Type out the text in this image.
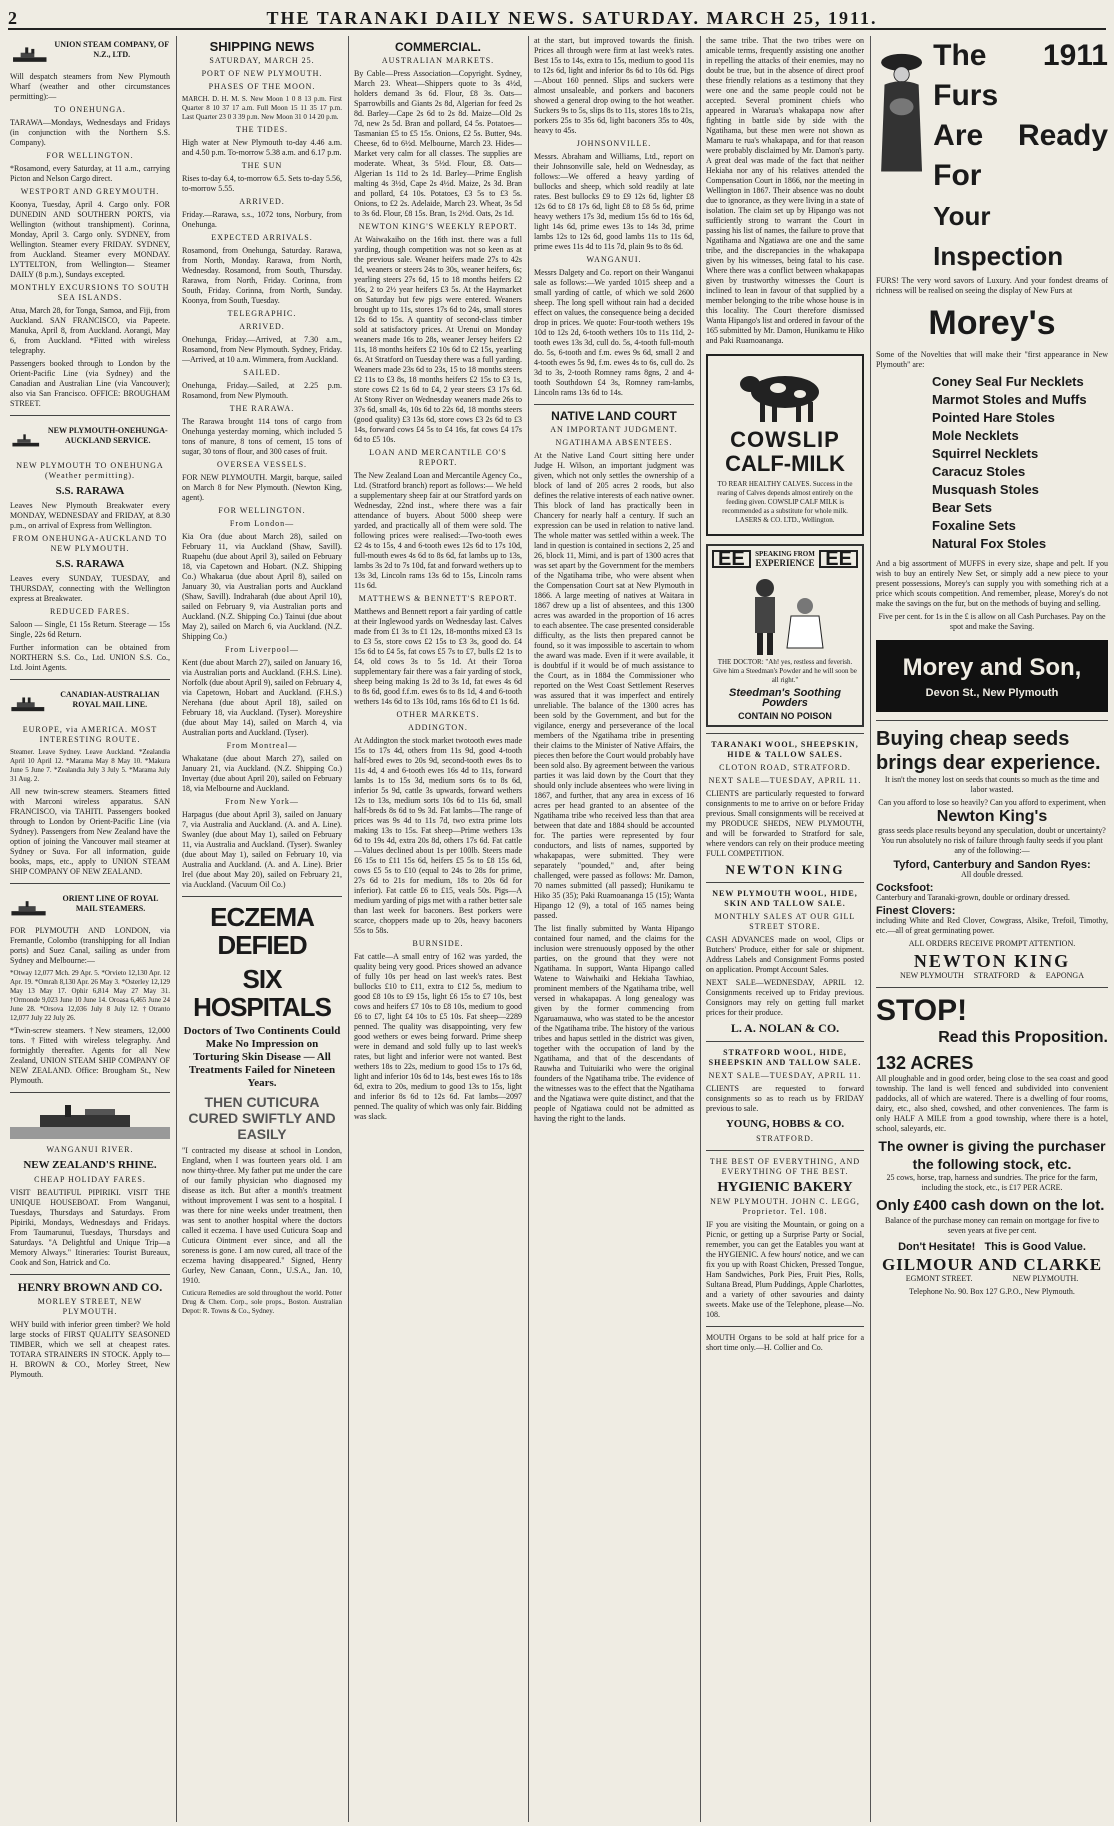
2	THE TARANAKI DAILY NEWS. SATURDAY. MARCH 25, 1911.
UNION STEAM COMPANY, OF N.Z., LTD.

Will despatch steamers from New Plymouth Wharf (weather and other circumstances permitting):—

TO ONEHUNGA.

TARAWA—Mondays, Wednesdays and Fridays (in conjunction with the Northern S.S. Company).

FOR WELLINGTON.

*Rosamond, every Saturday, at 11 a.m., carrying Picton and Nelson Cargo direct.

WESTPORT AND GREYMOUTH.

Koonya, Tuesday, April 4. Cargo only. FOR DUNEDIN AND SOUTHERN PORTS, via Wellington (without transhipment). Corinna, Monday, April 3. Cargo only. SYDNEY, from Wellington. Steamer every FRIDAY. SYDNEY, from Auckland. Steamer every MONDAY. LYTTELTON, from Wellington— Steamer DAILY (8 p.m.), Sundays excepted.

MONTHLY EXCURSIONS TO SOUTH SEA ISLANDS.

Atua, March 28, for Tonga, Samoa, and Fiji, from Auckland. SAN FRANCISCO, via Papeete. Manuka, April 8, from Auckland. Aorangi, May 6, from Auckland. *Fitted with wireless telegraphy.

Passengers booked through to London by the Orient-Pacific Line (via Sydney) and the Canadian and Australian Line (via Vancouver); also via San Francisco. OFFICE: BROUGHAM STREET.

NEW PLYMOUTH-ONEHUNGA-AUCKLAND SERVICE.
NEW PLYMOUTH TO ONEHUNGA (Weather permitting).
S.S. RARAWA

Leaves New Plymouth Breakwater every MONDAY, WEDNESDAY and FRIDAY, at 8.30 p.m., on arrival of Express from Wellington.

FROM ONEHUNGA-AUCKLAND TO NEW PLYMOUTH.
S.S. RARAWA

Leaves every SUNDAY, TUESDAY, and THURSDAY, connecting with the Wellington express at Breakwater.

REDUCED FARES.

Saloon — Single, £1 15s Return. Steerage — 15s Single, 22s 6d Return.

Further information can be obtained from NORTHERN S.S. Co., Ltd. UNION S.S. Co., Ltd. Joint Agents.

CANADIAN-AUSTRALIAN ROYAL MAIL LINE.
EUROPE, via AMERICA. MOST INTERESTING ROUTE.

Steamer. Leave Sydney. Leave Auckland. *Zealandia April 10 April 12. *Marama May 8 May 10. *Makura June 5 June 7. *Zealandia July 3 July 5. *Marama July 31 Aug. 2.

All new twin-screw steamers. Steamers fitted with Marconi wireless apparatus. SAN FRANCISCO, via TAHITI. Passengers booked through to London by Orient-Pacific Line (via Sydney). Passengers from New Zealand have the option of joining the Vancouver mail steamer at Sydney or Suva. For all information, guide books, maps, etc., apply to UNION STEAM SHIP COMPANY OF NEW ZEALAND.

ORIENT LINE OF ROYAL MAIL STEAMERS.

FOR PLYMOUTH AND LONDON, via Fremantle, Colombo (transhipping for all Indian ports) and Suez Canal, sailing as under from Sydney and Melbourne:—

*Otway 12,077 Mch. 29 Apr. 5. *Orvieto 12,130 Apr. 12 Apr. 19. *Omrah 8,130 Apr. 26 May 3. *Osterley 12,129 May 13 May 17. Ophir 6,814 May 27 May 31. †Ormonde 9,023 June 10 June 14. Oroasa 6,465 June 24 June 28. *Orsova 12,036 July 8 July 12. †Otranto 12,077 July 22 July 26.

*Twin-screw steamers. †New steamers, 12,000 tons. †Fitted with wireless telegraphy. And fortnightly thereafter. Agents for all New Zealand, UNION STEAM SHIP COMPANY OF NEW ZEALAND. Office: Brougham St., New Plymouth.

WANGANUI RIVER.
NEW ZEALAND'S RHINE.
CHEAP HOLIDAY FARES.

VISIT BEAUTIFUL PIPIRIKI. VISIT THE UNIQUE HOUSEBOAT. From Wanganui, Tuesdays, Thursdays and Saturdays. From Pipiriki, Mondays, Wednesdays and Fridays. From Taumarunui, Tuesdays, Thursdays and Saturdays. "A Delightful and Unique Trip—a Memory Always." Itineraries: Tourist Bureaux, Cook and Son, Hatrick and Co.

HENRY BROWN AND CO.
MORLEY STREET, NEW PLYMOUTH.

WHY build with inferior green timber? We hold large stocks of FIRST QUALITY SEASONED TIMBER, which we sell at cheapest rates. TOTARA STRAINERS IN STOCK. Apply to— H. BROWN & CO., Morley Street, New Plymouth.

SHIPPING NEWS
SATURDAY, MARCH 25.
PORT OF NEW PLYMOUTH.
PHASES OF THE MOON.

MARCH. D. H. M. S. New Moon 1 0 8 13 p.m. First Quarter 8 10 37 17 a.m. Full Moon 15 11 35 17 p.m. Last Quarter 23 0 3 39 p.m. New Moon 31 0 14 20 p.m.

THE TIDES.

High water at New Plymouth to-day 4.46 a.m. and 4.50 p.m. To-morrow 5.38 a.m. and 6.17 p.m.

THE SUN

Rises to-day 6.4, to-morrow 6.5. Sets to-day 5.56, to-morrow 5.55.

ARRIVED.

Friday.—Rarawa, s.s., 1072 tons, Norbury, from Onehunga.

EXPECTED ARRIVALS.

Rosamond, from Onehunga, Saturday. Rarawa, from North, Monday. Rarawa, from North, Wednesday. Rosamond, from South, Thursday. Rarawa, from North, Friday. Corinna, from South, Friday. Corinna, from North, Sunday. Koonya, from South, Tuesday.

TELEGRAPHIC.
ARRIVED.

Onehunga, Friday.—Arrived, at 7.30 a.m., Rosamond, from New Plymouth. Sydney, Friday.—Arrived, at 10 a.m. Wimmera, from Auckland.

SAILED.

Onehunga, Friday.—Sailed, at 2.25 p.m. Rosamond, from New Plymouth.

THE RARAWA.

The Rarawa brought 114 tons of cargo from Onehunga yesterday morning, which included 5 tons of manure, 8 tons of cement, 15 tons of sugar, 30 tons of flour, and 300 cases of fruit.

OVERSEA VESSELS.

FOR NEW PLYMOUTH. Margit, barque, sailed on March 8 for New Plymouth. (Newton King, agent).

FOR WELLINGTON.
From London—

Kia Ora (due about March 28), sailed on February 11, via Auckland (Shaw, Savill). Ruapehu (due about April 3), sailed on February 18, via Capetown and Hobart. (N.Z. Shipping Co.) Whakarua (due about April 8), sailed on January 30, via Australian ports and Auckland (Shaw, Savill). Indraharah (due about April 10), sailed on February 9, via Australian ports and Auckland. (N.Z. Shipping Co.) Tainui (due about May 2), sailed on March 6, via Auckland. (N.Z. Shipping Co.)

From Liverpool—

Kent (due about March 27), sailed on January 16, via Australian ports and Auckland. (F.H.S. Line). Norfolk (due about April 9), sailed on February 4, via Capetown, Hobart and Auckland. (F.H.S.) Nerehana (due about April 18), sailed on February 18, via Auckland. (Tyser). Moreyshire (due about May 14), sailed on March 4, via Australian ports and Auckland. (Tyser).

From Montreal—

Whakatane (due about March 27), sailed on January 21, via Auckland. (N.Z. Shipping Co.) Invertay (due about April 20), sailed on February 18, via Melbourne and Auckland.

From New York—

Harpagus (due about April 3), sailed on January 7, via Australia and Auckland. (A. and A. Line). Swanley (due about May 1), sailed on February 11, via Australia and Auckland. (Tyser). Swanley (due about May 1), sailed on February 10, via Australia and Auckland. (A. and A. Line). Brier Irel (due about May 20), sailed on February 21, via Auckland. (Vacuum Oil Co.)

ECZEMA DEFIED
SIX HOSPITALS
Doctors of Two Continents Could Make No Impression on Torturing Skin Disease — All Treatments Failed for Nineteen Years.
THEN CUTICURA CURED SWIFTLY AND EASILY

"I contracted my disease at school in London, England, when I was fourteen years old. I am now thirty-three. My father put me under the care of our family physician who diagnosed my disease as itch. But after a month's treatment without improvement I was sent to a hospital. I was there for nine weeks under treatment, then was sent to another hospital where the doctors called it eczema. I have used Cuticura Soap and Cuticura Ointment ever since, and all the soreness is gone. I am now cured, all trace of the eczema having disappeared." Signed, Henry Gurley, New Canaan, Conn., U.S.A., Jan. 10, 1910.

Cuticura Remedies are sold throughout the world. Potter Drug & Chem. Corp., sole props., Boston. Australian Depot: R. Towns & Co., Sydney.

COMMERCIAL.
AUSTRALIAN MARKETS.

By Cable—Press Association—Copyright. Sydney, March 23. Wheat—Shippers quote to 3s 4½d, holders demand 3s 6d. Flour, £8 3s. Oats—Sparrowbills and Giants 2s 8d, Algerian for feed 2s 8d. Barley—Cape 2s 6d to 2s 8d. Maize—Old 2s 7d, new 2s 5d. Bran and pollard, £4 5s. Potatoes—Tasmanian £5 to £5 15s. Onions, £2 5s. Butter, 94s. Cheese, 6d to 6½d. Melbourne, March 23. Hides—Market very calm for all classes. The supplies are moderate. Wheat, 3s 5½d. Flour, £8. Oats—Algerian 1s 11d to 2s 1d. Barley—Prime English malting 4s 3½d, Cape 2s 4½d. Maize, 2s 3d. Bran and pollard, £4 10s. Potatoes, £3 5s to £3 5s. Onions, to £2 2s. Adelaide, March 23. Wheat, 3s 5d to 3s 6d. Flour, £8 15s. Bran, 1s 2½d. Oats, 2s 1d.

NEWTON KING'S WEEKLY REPORT.

At Waiwakaiho on the 16th inst. there was a full yarding, though competition was not so keen as at the previous sale. Weaner heifers made 27s to 42s 1d, weaners or steers 24s to 30s, weaner heifers, 6s; yearling steers 27s 6d, 15 to 18 months heifers £2 16s, 2 to 2½ year heifers £3 5s. At the Haymarket on Saturday but few pigs were entered. Weaners brought up to 11s, stores 17s 6d to 24s, small stores 12s 6d to 15s. A quantity of second-class timber sold at satisfactory prices. At Urenui on Monday weaners made 16s to 28s, weaner Jersey heifers £2 11s, 18 months heifers £2 10s 6d to £2 15s, yearling 6s. At Stratford on Tuesday there was a full yarding. Weaners made 23s 6d to 23s, 15 to 18 months steers £2 11s to £3 8s, 18 months heifers £2 15s to £3 1s, store cows £2 1s 6d to £4, 2 year steers £3 17s 6d. At Stony River on Wednesday weaners made 26s to 37s 6d, small 4s, 10s 6d to 22s 6d, 18 months steers (good quality) £3 13s 6d, store cows £3 2s 6d to £3 14s, forward cows £4 5s to £4 16s, fat cows £4 17s 6d to £5 10s.

LOAN AND MERCANTILE CO'S REPORT.

The New Zealand Loan and Mercantile Agency Co., Ltd. (Stratford branch) report as follows:— We held a supplementary sheep fair at our Stratford yards on Wednesday, 22nd inst., where there was a fair attendance of buyers. About 5000 sheep were yarded, and practically all of them were sold. The following prices were realised:—Two-tooth ewes £2 4s to 15s, 4 and 6-tooth ewes 12s 6d to 17s 10d, full-mouth ewes 4s 6d to 8s 6d, fat lambs up to 13s, lambs 3s 2d to 7s 10d, fat and forward wethers up to 13s 3d, Lincoln rams 13s 6d to 15s, Lincoln rams 11s 6d.

MATTHEWS & BENNETT'S REPORT.

Matthews and Bennett report a fair yarding of cattle at their Inglewood yards on Wednesday last. Calves made from £1 3s to £1 12s, 18-months mixed £3 1s to £3 5s, store cows £2 15s to £3 3s, good do. £4 15s 6d to £4 5s, fat cows £5 7s to £7, bulls £2 1s to £4, old cows 3s to 5s 1d. At their Toroa supplementary fair there was a fair yarding of stock, sheep being making 1s 2d to 3s 1d, fat ewes 4s 6d to 8s 6d, good f.f.m. ewes 6s to 8s 1d, 4 and 6-tooth wethers 14s 6d to 13s 10d, rams 16s 6d to £1 1s 6d.

OTHER MARKETS.
ADDINGTON.

At Addington the stock market twotooth ewes made 15s to 17s 4d, others from 11s 9d, good 4-tooth half-bred ewes to 20s 9d, second-tooth ewes 8s to 11s 4d, 4 and 6-tooth ewes 16s 4d to 11s, forward lambs 1s to 15s 3d, medium sorts 6s to 8s 6d, inferior 5s 9d, cattle 3s upwards, forward wethers 12s to 13s, medium sorts 10s 6d to 11s 6d, small half-breds 8s 6d to 9s 3d. Fat lambs—The range of prices was 9s 4d to 11s 7d, two extra prime lots making 13s to 15s. Fat sheep—Prime wethers 13s 6d to 19s 4d, extra 20s 8d, others 17s 6d. Fat cattle—Values declined about 1s per 100lb. Steers made £6 15s to £11 15s 6d, heifers £5 5s to £8 15s 6d, cows £5 5s to £10 (equal to 24s to 28s for prime, 27s 6d to 21s for medium, 18s to 20s 6d for inferior). Fat cattle £6 to £15, veals 50s. Pigs—A medium yarding of pigs met with a rather better sale than last week for baconers. Best porkers were scarce, choppers made up to 20s, heavy baconers 55s to 58s.

BURNSIDE.

Fat cattle—A small entry of 162 was yarded, the quality being very good. Prices showed an advance of fully 10s per head on last week's rates. Best bullocks £10 to £11, extra to £12 5s, medium to good £8 10s to £9 15s, light £6 15s to £7 10s, best cows and heifers £7 10s to £8 10s, medium to good £6 to £7, light £4 10s to £5 10s. Fat sheep—2289 penned. The quality was disappointing, very few good wethers or ewes being forward. Prime sheep were in demand and sold fully up to last week's rates, but light and inferior were not wanted. Best wethers 18s to 22s, medium to good 15s to 17s 6d, light and inferior 10s 6d to 14s, best ewes 16s to 18s 6d, extra to 20s, medium to good 13s to 15s, light and inferior 8s 6d to 12s 6d. Fat lambs—2097 penned. The quality of which was only fair. Bidding was slack.

at the start, but improved towards the finish. Prices all through were firm at last week's rates. Best 15s to 14s, extra to 15s, medium to good 11s to 12s 6d, light and inferior 8s 6d to 10s 6d. Pigs—About 160 penned. Slips and suckers were almost unsaleable, and porkers and baconers showed a general drop owing to the hot weather. Suckers 9s to 5s, slips 8s to 11s, stores 18s to 21s, porkers 25s to 35s 6d, light baconers 35s to 40s, heavy to 45s.

JOHNSONVILLE.

Messrs. Abraham and Williams, Ltd., report on their Johnsonville sale, held on Wednesday, as follows:—We offered a heavy yarding of bullocks and sheep, which sold readily at late rates. Best bullocks £9 to £9 12s 6d, lighter £8 12s 6d to £8 17s 6d, light £8 to £8 5s 6d, prime heavy wethers 17s 3d, medium 15s 6d to 16s 6d, light 14s 6d, prime ewes 13s to 14s 3d, prime lambs 12s to 12s 6d, good lambs 11s to 11s 6d, prime ewes 11s 4d to 11s 7d, plain 9s to 8s 6d.

WANGANUI.

Messrs Dalgety and Co. report on their Wanganui sale as follows:—We yarded 1015 sheep and a small yarding of cattle, of which we sold 2600 sheep. The long spell without rain had a decided effect on values, the consequence being a decided drop in prices. We quote: Four-tooth wethers 19s 10d to 12s 2d, 6-tooth wethers 10s to 11s 11d, 2-tooth ewes 13s 3d, cull do. 5s, 4-tooth full-mouth do. 5s, 6-tooth and f.m. ewes 9s 6d, small 2 and 4-tooth ewes 5s 9d, f.m. ewes 4s to 6s, cull do. 2s 3d to 3s, 2-tooth Romney rams 8gns, 2 and 4-tooth Southdown £4 3s, Romney ram-lambs, Lincoln rams 13s 6d to 14s.

NATIVE LAND COURT
AN IMPORTANT JUDGMENT.
NGATIHAMA ABSENTEES.

At the Native Land Court sitting here under Judge H. Wilson, an important judgment was given, which not only settles the ownership of a block of land of 205 acres 2 roods, but also defines the relative interests of each native owner. This block of land has practically been in Chancery for nearly half a century. If such an expression can be used in relation to native land. The whole matter was settled within a week. The land in question is contained in sections 2, 25 and 26, block 11, Mimi, and is part of 1300 acres that was set apart by the Government for the members of the Ngatihama tribe, who were absent when the Compensation Court sat at New Plymouth in 1866. A large meeting of natives at Waitara in 1867 drew up a list of absentees, and this 1300 acres was awarded in the proportion of 16 acres to each absentee. The case presented considerable difficulty, as the lists then prepared cannot be found, so it was impossible to ascertain to whom the award was made. Even if it were available, it is doubtful if it would be of much assistance to the Court, as in 1884 the Commissioner who reported on the West Coast Settlement Reserves was assured that it was imperfect and entirely unreliable. The balance of the 1300 acres has been sold by the Government, and but for the vigilance, energy and perseverance of the local members of the Ngatihama tribe in presenting their claims to the Minister of Native Affairs, the pieces then before the Court would probably have been sold also. By agreement between the various parties it was laid down by the Court that they should only include absentees who were living in 1867, and further, that any area in excess of 16 acres per head granted to an absentee of the Ngatihama tribe who received less than that area between that date and 1884 should be accounted for. The parties were represented by four conductors, and lists of names, supported by whakapapas, were submitted. They were separately "pounded," and, after being challenged, were passed as follows: Mr. Damon, 70 names submitted (all passed); Hunikamu te Hiko 35 (35); Paki Ruamoananga 15 (15); Wanta Hipango 12 (9), a total of 165 names being passed.

The list finally submitted by Wanta Hipango contained four named, and the claims for the inclusion were strenuously opposed by the other parties, on the ground that they were not Ngatihama. In support, Wanta Hipango called Watene to Waiwhaiki and Hekiaha Tawhiao, prominent members of the Ngatihama tribe, well versed in whakapapas. A long genealogy was given by the former commencing from Ngaruamauwa, who was stated to be the ancestor of the Ngatihama tribe. The history of the various tribes and hapus settled in the district was given, together with the occupation of land by the Ngatihama, and that of the descendants of Rauwha and Tuituiariki who were the original founders of the Ngatihama tribe. The evidence of the witnesses was to the effect that the Ngatihama and the Ngatiawa were quite distinct, and that the people of Ngatiawa could not be admitted as having the right to the lands.

the same tribe. That the two tribes were on amicable terms, frequently assisting one another in repelling the attacks of their enemies, may no doubt be true, but in the absence of direct proof these friendly relations as a testimony that they were one and the same people could not be accepted. Several prominent chiefs who appeared in Wararua's whakapapa now after fighting in battle side by side with the Ngatihama, but these men were not shown as Mamaru te rua's whakapapa, and for that reason were probably disclaimed by Mr. Damon's party. A great deal was made of the fact that neither Hekiaha nor any of his relatives attended the Compensation Court in 1866, nor the meeting in Wellington in 1867. Their absence was no doubt due to ignorance, as they were living in a state of isolation. The claim set up by Hipango was not sufficiently strong to warrant the Court in passing his list of names, the failure to prove that Ngatihama and Ngatiawa are one and the same tribe, and the discrepancies in the whakapapa given by his witnesses, being fatal to his case. Where there was a conflict between whakapapas given by trustworthy witnesses the Court is inclined to lean in favour of that supplied by a member belonging to the tribe whose house is in this locality. The Court therefore dismissed Wanta Hipango's list and ordered in favour of the 165 submitted by Mr. Damon, Hunikamu te Hiko and Paki Ruamoananga.

COWSLIP
CALF-MILK

TO REAR HEALTHY CALVES. Success in the rearing of Calves depends almost entirely on the feeding given. COWSLIP CALF MILK is recommended as a substitute for whole milk. LASERS & CO. LTD., Wellington.

EE	SPEAKING FROM
EXPERIENCE EE

THE DOCTOR: "Ah! yes, restless and feverish. Give him a Steedman's Powder and he will soon be all right."

Steedman's Soothing Powders
CONTAIN NO POISON
TARANAKI WOOL, SHEEPSKIN, HIDE & TALLOW SALES.
CLOTON ROAD, STRATFORD.
NEXT SALE—TUESDAY, APRIL 11.

CLIENTS are particularly requested to forward consignments to me to arrive on or before Friday previous. Small consignments will be received at my PRODUCE SHEDS, NEW PLYMOUTH, and will be forwarded to Stratford for sale, where vendors can rely on their produce meeting FULL COMPETITION.

NEWTON KING
NEW PLYMOUTH WOOL, HIDE, SKIN AND TALLOW SALE.
MONTHLY SALES AT OUR GILL STREET STORE.

CASH ADVANCES made on wool, Clips or Butchers' Produce, either for sale or shipment. Address Labels and Consignment Forms posted on application. Prompt Account Sales.

NEXT SALE—WEDNESDAY, APRIL 12. Consignments received up to Friday previous. Consignors may rely on getting full market prices for their produce.

L. A. NOLAN & CO.
STRATFORD WOOL, HIDE, SHEEPSKIN AND TALLOW SALE.
NEXT SALE—TUESDAY, APRIL 11.

CLIENTS are requested to forward consignments so as to reach us by FRIDAY previous to sale.

YOUNG, HOBBS & CO.
STRATFORD.
THE BEST OF EVERYTHING, AND EVERYTHING OF THE BEST.
HYGIENIC BAKERY
NEW PLYMOUTH. JOHN C. LEGG, Proprietor. Tel. 108.

IF you are visiting the Mountain, or going on a Picnic, or getting up a Surprise Party or Social, remember, you can get the Eatables you want at the HYGIENIC. A few hours' notice, and we can fix you up with Roast Chicken, Pressed Tongue, Ham Sandwiches, Pork Pies, Fruit Pies, Rolls, Sultana Bread, Plum Puddings, Apple Charlottes, and a variety of other savouries and dainty sweets. Make use of the Telephone, please—No. 108.

MOUTH Organs to be sold at half price for a short time only.—H. Collier and Co.

The 1911 Furs
Are Ready For
Your Inspection

FURS! The very word savors of Luxury. And your fondest dreams of richness will be realised on seeing the display of New Furs at

Morey's

Some of the Novelties that will make their "first appearance in New Plymouth" are:

Coney Seal Fur Necklets
Marmot Stoles and Muffs
Pointed Hare Stoles
Mole Necklets
Squirrel Necklets
Caracuz Stoles
Musquash Stoles
Bear Sets
Foxaline Sets
Natural Fox Stoles

And a big assortment of MUFFS in every size, shape and pelt. If you wish to buy an entirely New Set, or simply add a new piece to your present possessions, Morey's can supply you with something rich at a price which scouts competition. And remember, please, Morey's do not make the savings on the fur, but on the methods of buying and selling.

Five per cent. for 1s in the £ is allow on all Cash Purchases. Pay on the spot and make the Saving.

Morey and Son,
Devon St., New Plymouth
Buying cheap seeds
brings dear experience.

It isn't the money lost on seeds that counts so much as the time and labor wasted.

Can you afford to lose so heavily? Can you afford to experiment, when

Newton King's

grass seeds place results beyond any speculation, doubt or uncertainty? You run absolutely no risk of failure through faulty seeds if you plant any of the following:—

Tyford, Canterbury and Sandon Ryes:

All double dressed.

Cocksfoot:

Canterbury and Taranaki-grown, double or ordinary dressed.

Finest Clovers:

including White and Red Clover, Cowgrass, Alsike, Trefoil, Timothy, etc.—all of great germinating power.

ALL ORDERS RECEIVE PROMPT ATTENTION.

NEWTON KING

NEW PLYMOUTH     STRATFORD     &     EAPONGA

STOP!
Read this Proposition.
132 ACRES

All ploughable and in good order, being close to the sea coast and good township. The land is well fenced and subdivided into convenient paddocks, all of which are watered. There is a dwelling of four rooms, dairy, etc., also shed, cowshed, and other conveniences. The farm is only HALF A MILE from a good township, where there is a hotel, school, saleyards, etc.

The owner is giving the purchaser the following stock, etc.

25 cows, horse, trap, harness and sundries. The price for the farm, including the stock, etc., is £17 PER ACRE.

Only £400 cash down on the lot.

Balance of the purchase money can remain on mortgage for five to seven years at five per cent.

Don't Hesitate!   This is Good Value.
GILMOUR AND CLARKE

EGMONT STREET.                    NEW PLYMOUTH.

Telephone No. 90. Box 127 G.P.O., New Plymouth.
